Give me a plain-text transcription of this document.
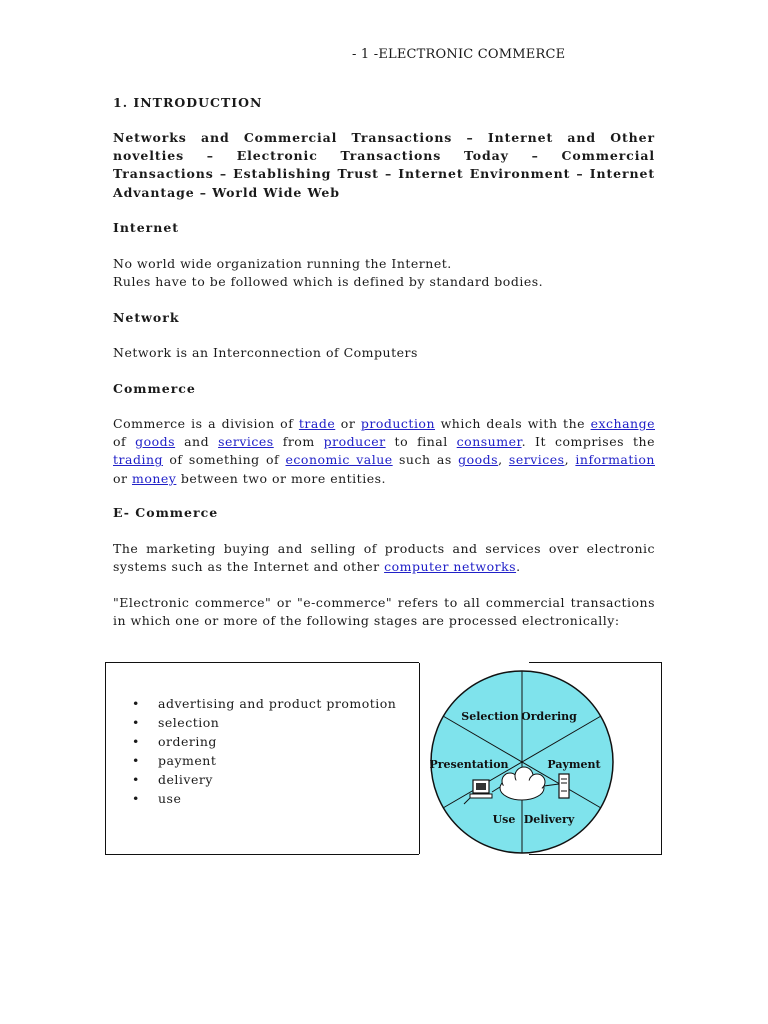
- 1 -ELECTRONIC COMMERCE
1. INTRODUCTION
Networks and Commercial Transactions – Internet and Other novelties – Electronic Transactions Today – Commercial Transactions – Establishing Trust – Internet Environment – Internet Advantage – World Wide Web
Internet
No world wide organization running the Internet.
Rules have to be followed which is defined by standard bodies.
Network
Network is an Interconnection of Computers
Commerce
Commerce is a division of trade or production which deals with the exchange of goods and services from producer to final consumer. It comprises the trading of something of economic value such as goods, services, information or money between two or more entities.
E- Commerce
The marketing buying and selling of products and services over electronic systems such as the Internet and other computer networks.
"Electronic commerce" or "e-commerce" refers to all commercial transactions in which one or more of the following stages are processed electronically:
• advertising and product promotion
• selection
• ordering
• payment
• delivery
• use
Selection Ordering
Presentation	Payment
Use Delivery
